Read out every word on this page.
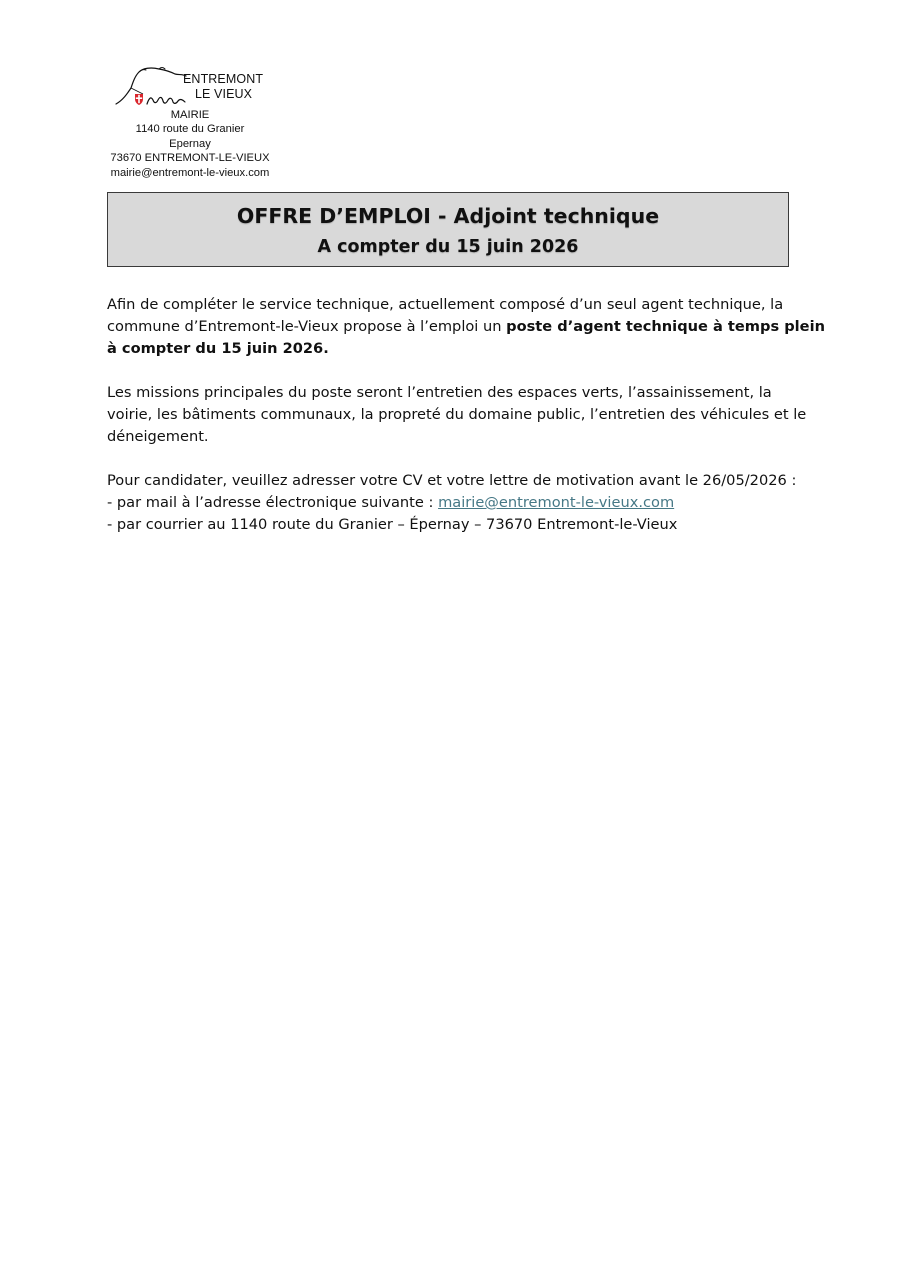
ENTREMONT
LE VIEUX
MAIRIE
1140 route du Granier
Epernay
73670 ENTREMONT-LE-VIEUX
mairie@entremont-le-vieux.com
OFFRE D’EMPLOI - Adjoint technique
A compter du 15 juin 2026
Afin de compléter le service technique, actuellement composé d’un seul agent technique, la
commune d’Entremont-le-Vieux propose à l’emploi un poste d’agent technique à temps plein
à compter du 15 juin 2026.
Les missions principales du poste seront l’entretien des espaces verts, l’assainissement, la
voirie, les bâtiments communaux, la propreté du domaine public, l’entretien des véhicules et le
déneigement.
Pour candidater, veuillez adresser votre CV et votre lettre de motivation avant le 26/05/2026 :
- par mail à l’adresse électronique suivante : mairie@entremont-le-vieux.com
- par courrier au 1140 route du Granier – Épernay – 73670 Entremont-le-Vieux
